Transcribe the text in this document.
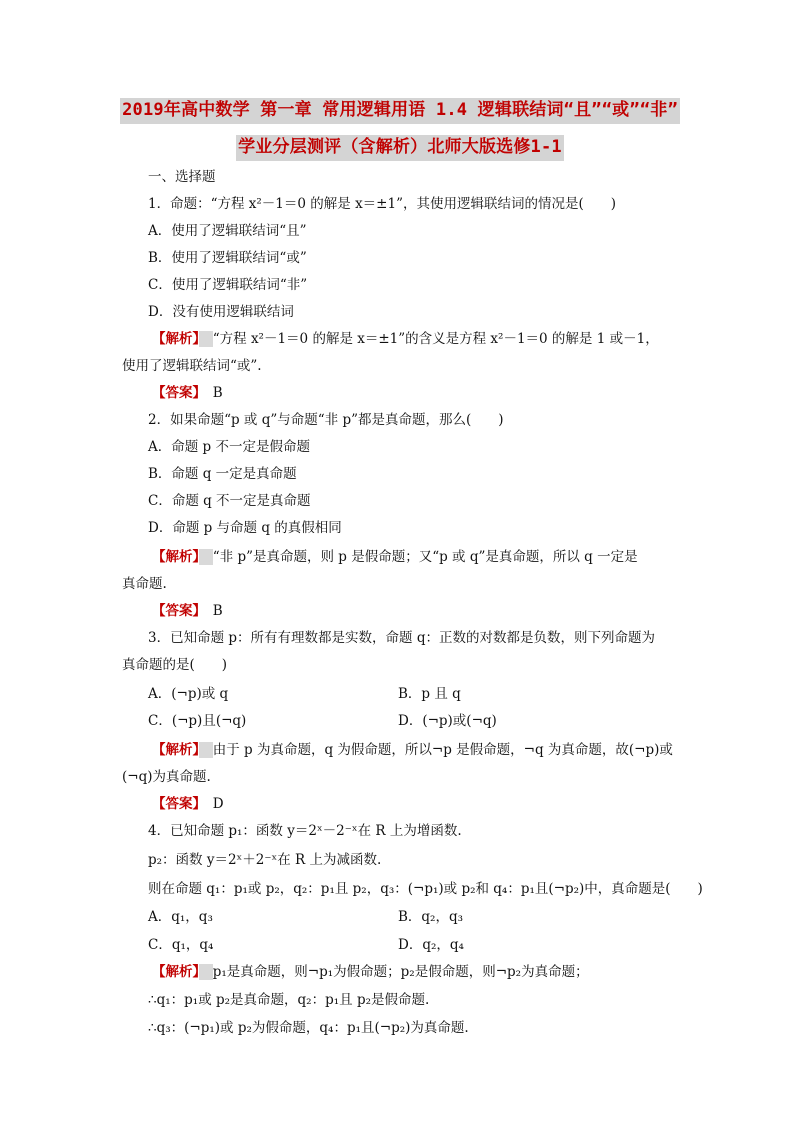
2019年高中数学 第一章 常用逻辑用语 1.4 逻辑联结词“且”“或”“非”
学业分层测评（含解析）北师大版选修1-1
一、选择题
1．命题：“方程 x²－1＝0 的解是 x＝±1”，其使用逻辑联结词的情况是(　　)
A．使用了逻辑联结词“且”
B．使用了逻辑联结词“或”
C．使用了逻辑联结词“非”
D．没有使用逻辑联结词
【解析】　 “方程 x²－1＝0 的解是 x＝±1”的含义是方程 x²－1＝0 的解是 1 或－1，
使用了逻辑联结词“或”.
【答案】　 B
2．如果命题“p 或 q”与命题“非 p”都是真命题，那么(　　)
A．命题 p 不一定是假命题
B．命题 q 一定是真命题
C．命题 q 不一定是真命题
D．命题 p 与命题 q 的真假相同
【解析】　 “非 p”是真命题，则 p 是假命题；又“p 或 q”是真命题，所以 q 一定是
真命题.
【答案】　 B
3．已知命题 p：所有有理数都是实数，命题 q：正数的对数都是负数，则下列命题为
真命题的是(　　)
A．(¬p)或 q	B．p 且 q
C．(¬p)且(¬q)	D．(¬p)或(¬q)
【解析】　 由于 p 为真命题，q 为假命题，所以¬p 是假命题，¬q 为真命题，故(¬p)或
(¬q)为真命题.
【答案】　 D
4．已知命题 p₁：函数 y＝2ˣ－2⁻ˣ在 R 上为增函数.
p₂：函数 y＝2ˣ＋2⁻ˣ在 R 上为减函数.
则在命题 q₁：p₁或 p₂，q₂：p₁且 p₂，q₃：(¬p₁)或 p₂和 q₄：p₁且(¬p₂)中，真命题是(　　)
A．q₁，q₃	B．q₂，q₃
C．q₁，q₄	D．q₂，q₄
【解析】　 p₁是真命题，则¬p₁为假命题；p₂是假命题，则¬p₂为真命题；
∴q₁：p₁或 p₂是真命题，q₂：p₁且 p₂是假命题.
∴q₃：(¬p₁)或 p₂为假命题，q₄：p₁且(¬p₂)为真命题.
